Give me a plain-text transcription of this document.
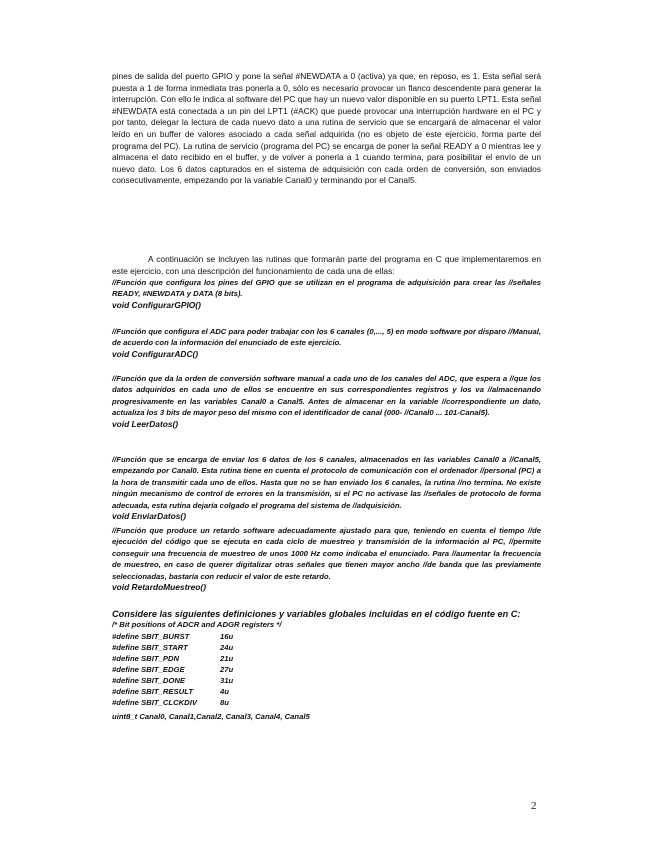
pines de salida del puerto GPIO y pone la señal #NEWDATA a 0 (activa) ya que, en reposo, es 1. Esta señal será puesta a 1 de forma inmediata tras ponerla a 0, sólo es necesario provocar un flanco descendente para generar la interrupción. Con ello le indica al software del PC que hay un nuevo valor disponible en su puerto LPT1. Esta señal #NEWDATA está conectada a un pin del LPT1 (#ACK) que puede provocar una interrupción hardware en el PC y por tanto, delegar la lectura de cada nuevo dato a una rutina de servicio que se encargará de almacenar el valor leído en un buffer de valores asociado a cada señal adquirida (no es objeto de este ejercicio, forma parte del programa del PC). La rutina de servicio (programa del PC) se encarga de poner la señal READY a 0 mientras lee y almacena el dato recibido en el buffer, y de volver a ponerla a 1 cuando termina, para posibilitar el envío de un nuevo dato. Los 6 datos capturados en el sistema de adquisición con cada orden de conversión, son enviados consecutivamente, empezando por la variable Canal0 y terminando por el Canal5.

A continuación se incluyen las rutinas que formarán parte del programa en C que implementaremos en este ejercicio, con una descripción del funcionamiento de cada una de ellas:

//Función que configura los pines del GPIO que se utilizan en el programa de adquisición para crear las //señales READY, #NEWDATA y DATA (8 bits).

void ConfigurarGPIO()

//Función que configura el ADC para poder trabajar con los 6 canales (0,..., 5) en modo software por disparo //Manual, de acuerdo con la información del enunciado de este ejercicio.

void ConfigurarADC()

//Función que da la orden de conversión software manual a cada uno de los canales del ADC, que espera a //que los datos adquiridos en cada uno de ellos se encuentre en sus correspondientes registros y los va //almacenando progresivamente en las variables Canal0 a Canal5. Antes de almacenar en la variable //correspondiente un dato, actualiza los 3 bits de mayor peso del mismo con el identificador de canal (000- //Canal0 ... 101-Canal5).

void LeerDatos()

//Función que se encarga de enviar los 6 datos de los 6 canales, almacenados en las variables Canal0 a //Canal5, empezando por Canal0. Esta rutina tiene en cuenta el protocolo de comunicación con el ordenador //personal (PC) a la hora de transmitir cada uno de ellos. Hasta que no se han enviado los 6 canales, la rutina //no termina. No existe ningún mecanismo de control de errores en la transmisión, si el PC no activase las //señales de protocolo de forma adecuada, esta rutina dejaría colgado el programa del sistema de //adquisición.

void EnviarDatos()

//Función que produce un retardo software adecuadamente ajustado para que, teniendo en cuenta el tiempo //de ejecución del código que se ejecuta en cada ciclo de muestreo y transmisión de la información al PC, //permite conseguir una frecuencia de muestreo de unos 1000 Hz como indicaba el enunciado. Para //aumentar la frecuencia de muestreo, en caso de querer digitalizar otras señales que tienen mayor ancho //de banda que las previamente seleccionadas, bastaría con reducir el valor de este retardo.

void RetardoMuestreo()

Considere las siguientes definiciones y variables globales incluidas en el código fuente en C:

/* Bit positions of ADCR and ADGR registers */

#define SBIT_BURST	16u
#define SBIT_START	24u
#define SBIT_PDN	21u
#define SBIT_EDGE	27u
#define SBIT_DONE	31u
#define SBIT_RESULT	4u
#define SBIT_CLCKDIV	8u

uint8_t Canal0, Canal1,Canal2, Canal3, Canal4, Canal5

2
